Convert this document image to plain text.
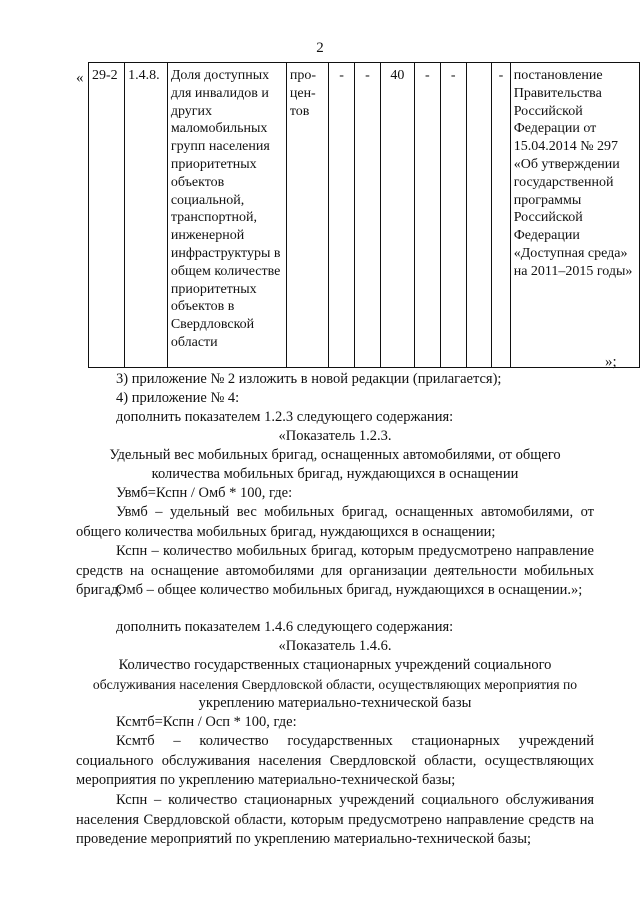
2
« 29-2	1.4.8.	Доля доступных для инвалидов и других маломобильных групп населения приоритетных объектов социальной, транспортной, инженерной инфраструктуры в общем количестве приоритетных объектов в Свердловской области	про-цен-тов	-	-	40	-	-		-	постановление Правительства Российской Федерации от 15.04.2014 № 297 «Об утверждении государственной программы Российской Федерации «Доступная среда» на 2011–2015 годы»
»;
3) приложение № 2 изложить в новой редакции (прилагается);
4) приложение № 4:
дополнить показателем 1.2.3 следующего содержания:
«Показатель 1.2.3.
Удельный вес мобильных бригад, оснащенных автомобилями, от общего
количества мобильных бригад, нуждающихся в оснащении
Увмб=Кспн / Омб * 100, где:
Увмб – удельный вес мобильных бригад, оснащенных автомобилями, от общего количества мобильных бригад, нуждающихся в оснащении;
Кспн – количество мобильных бригад, которым предусмотрено направление средств на оснащение автомобилями для организации деятельности мобильных бригад;
Омб – общее количество мобильных бригад, нуждающихся в оснащении.»;
дополнить показателем 1.4.6 следующего содержания:
«Показатель 1.4.6.
Количество государственных стационарных учреждений социального
обслуживания населения Свердловской области, осуществляющих мероприятия по
укреплению материально-технической базы
Ксмтб=Кспн / Осп * 100, где:
Ксмтб – количество государственных стационарных учреждений социального обслуживания населения Свердловской области, осуществляющих мероприятия по укреплению материально-технической базы;
Кспн – количество стационарных учреждений социального обслуживания населения Свердловской области, которым предусмотрено направление средств на проведение мероприятий по укреплению материально-технической базы;
